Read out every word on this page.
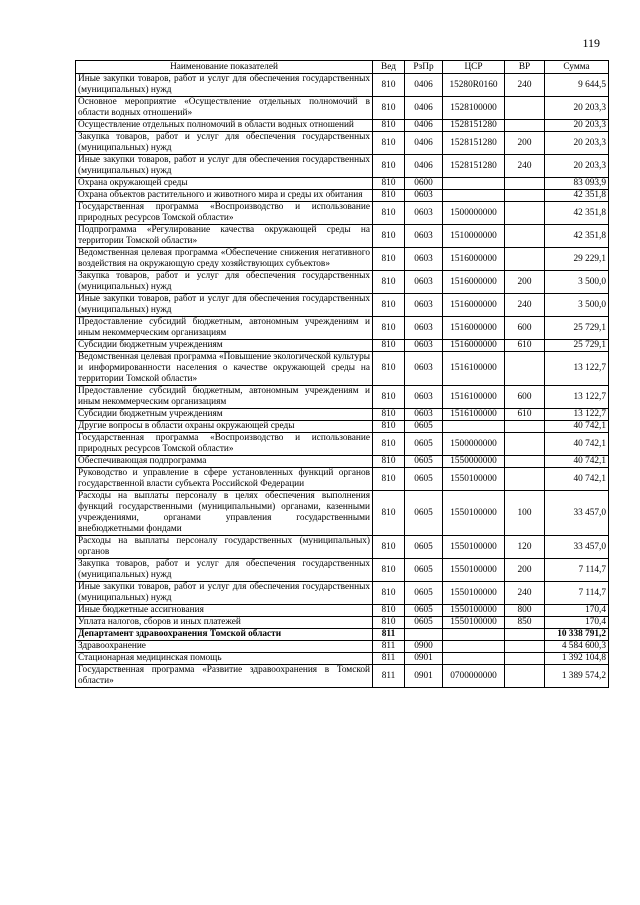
119
Наименование показателей	Вед	РзПр	ЦСР	ВР	Сумма
Иные закупки товаров, работ и услуг для обеспечения государственных (муниципальных) нужд	810	0406	15280R0160	240	9 644,5
Основное мероприятие «Осуществление отдельных полномочий в области водных отношений»	810	0406	1528100000		20 203,3
Осуществление отдельных полномочий в области водных отношений	810	0406	1528151280		20 203,3
Закупка товаров, работ и услуг для обеспечения государственных (муниципальных) нужд	810	0406	1528151280	200	20 203,3
Иные закупки товаров, работ и услуг для обеспечения государственных (муниципальных) нужд	810	0406	1528151280	240	20 203,3
Охрана окружающей среды	810	0600			83 093,9
Охрана объектов растительного и животного мира и среды их обитания	810	0603			42 351,8
Государственная программа «Воспроизводство и использование природных ресурсов Томской области»	810	0603	1500000000		42 351,8
Подпрограмма «Регулирование качества окружающей среды на территории Томской области»	810	0603	1510000000		42 351,8
Ведомственная целевая программа «Обеспечение снижения негативного воздействия на окружающую среду хозяйствующих субъектов»	810	0603	1516000000		29 229,1
Закупка товаров, работ и услуг для обеспечения государственных (муниципальных) нужд	810	0603	1516000000	200	3 500,0
Иные закупки товаров, работ и услуг для обеспечения государственных (муниципальных) нужд	810	0603	1516000000	240	3 500,0
Предоставление субсидий бюджетным, автономным учреждениям и иным некоммерческим организациям	810	0603	1516000000	600	25 729,1
Субсидии бюджетным учреждениям	810	0603	1516000000	610	25 729,1
Ведомственная целевая программа «Повышение экологической культуры и информированности населения о качестве окружающей среды на территории Томской области»	810	0603	1516100000		13 122,7
Предоставление субсидий бюджетным, автономным учреждениям и иным некоммерческим организациям	810	0603	1516100000	600	13 122,7
Субсидии бюджетным учреждениям	810	0603	1516100000	610	13 122,7
Другие вопросы в области охраны окружающей среды	810	0605			40 742,1
Государственная программа «Воспроизводство и использование природных ресурсов Томской области»	810	0605	1500000000		40 742,1
Обеспечивающая подпрограмма	810	0605	1550000000		40 742,1
Руководство и управление в сфере установленных функций органов государственной власти субъекта Российской Федерации	810	0605	1550100000		40 742,1
Расходы на выплаты персоналу в целях обеспечения выполнения функций государственными (муниципальными) органами, казенными учреждениями, органами управления государственными внебюджетными фондами	810	0605	1550100000	100	33 457,0
Расходы на выплаты персоналу государственных (муниципальных) органов	810	0605	1550100000	120	33 457,0
Закупка товаров, работ и услуг для обеспечения государственных (муниципальных) нужд	810	0605	1550100000	200	7 114,7
Иные закупки товаров, работ и услуг для обеспечения государственных (муниципальных) нужд	810	0605	1550100000	240	7 114,7
Иные бюджетные ассигнования	810	0605	1550100000	800	170,4
Уплата налогов, сборов и иных платежей	810	0605	1550100000	850	170,4
Департамент здравоохранения Томской области	811				10 338 791,2
Здравоохранение	811	0900			4 584 600,3
Стационарная медицинская помощь	811	0901			1 392 104,8
Государственная программа «Развитие здравоохранения в Томской области»	811	0901	0700000000		1 389 574,2
